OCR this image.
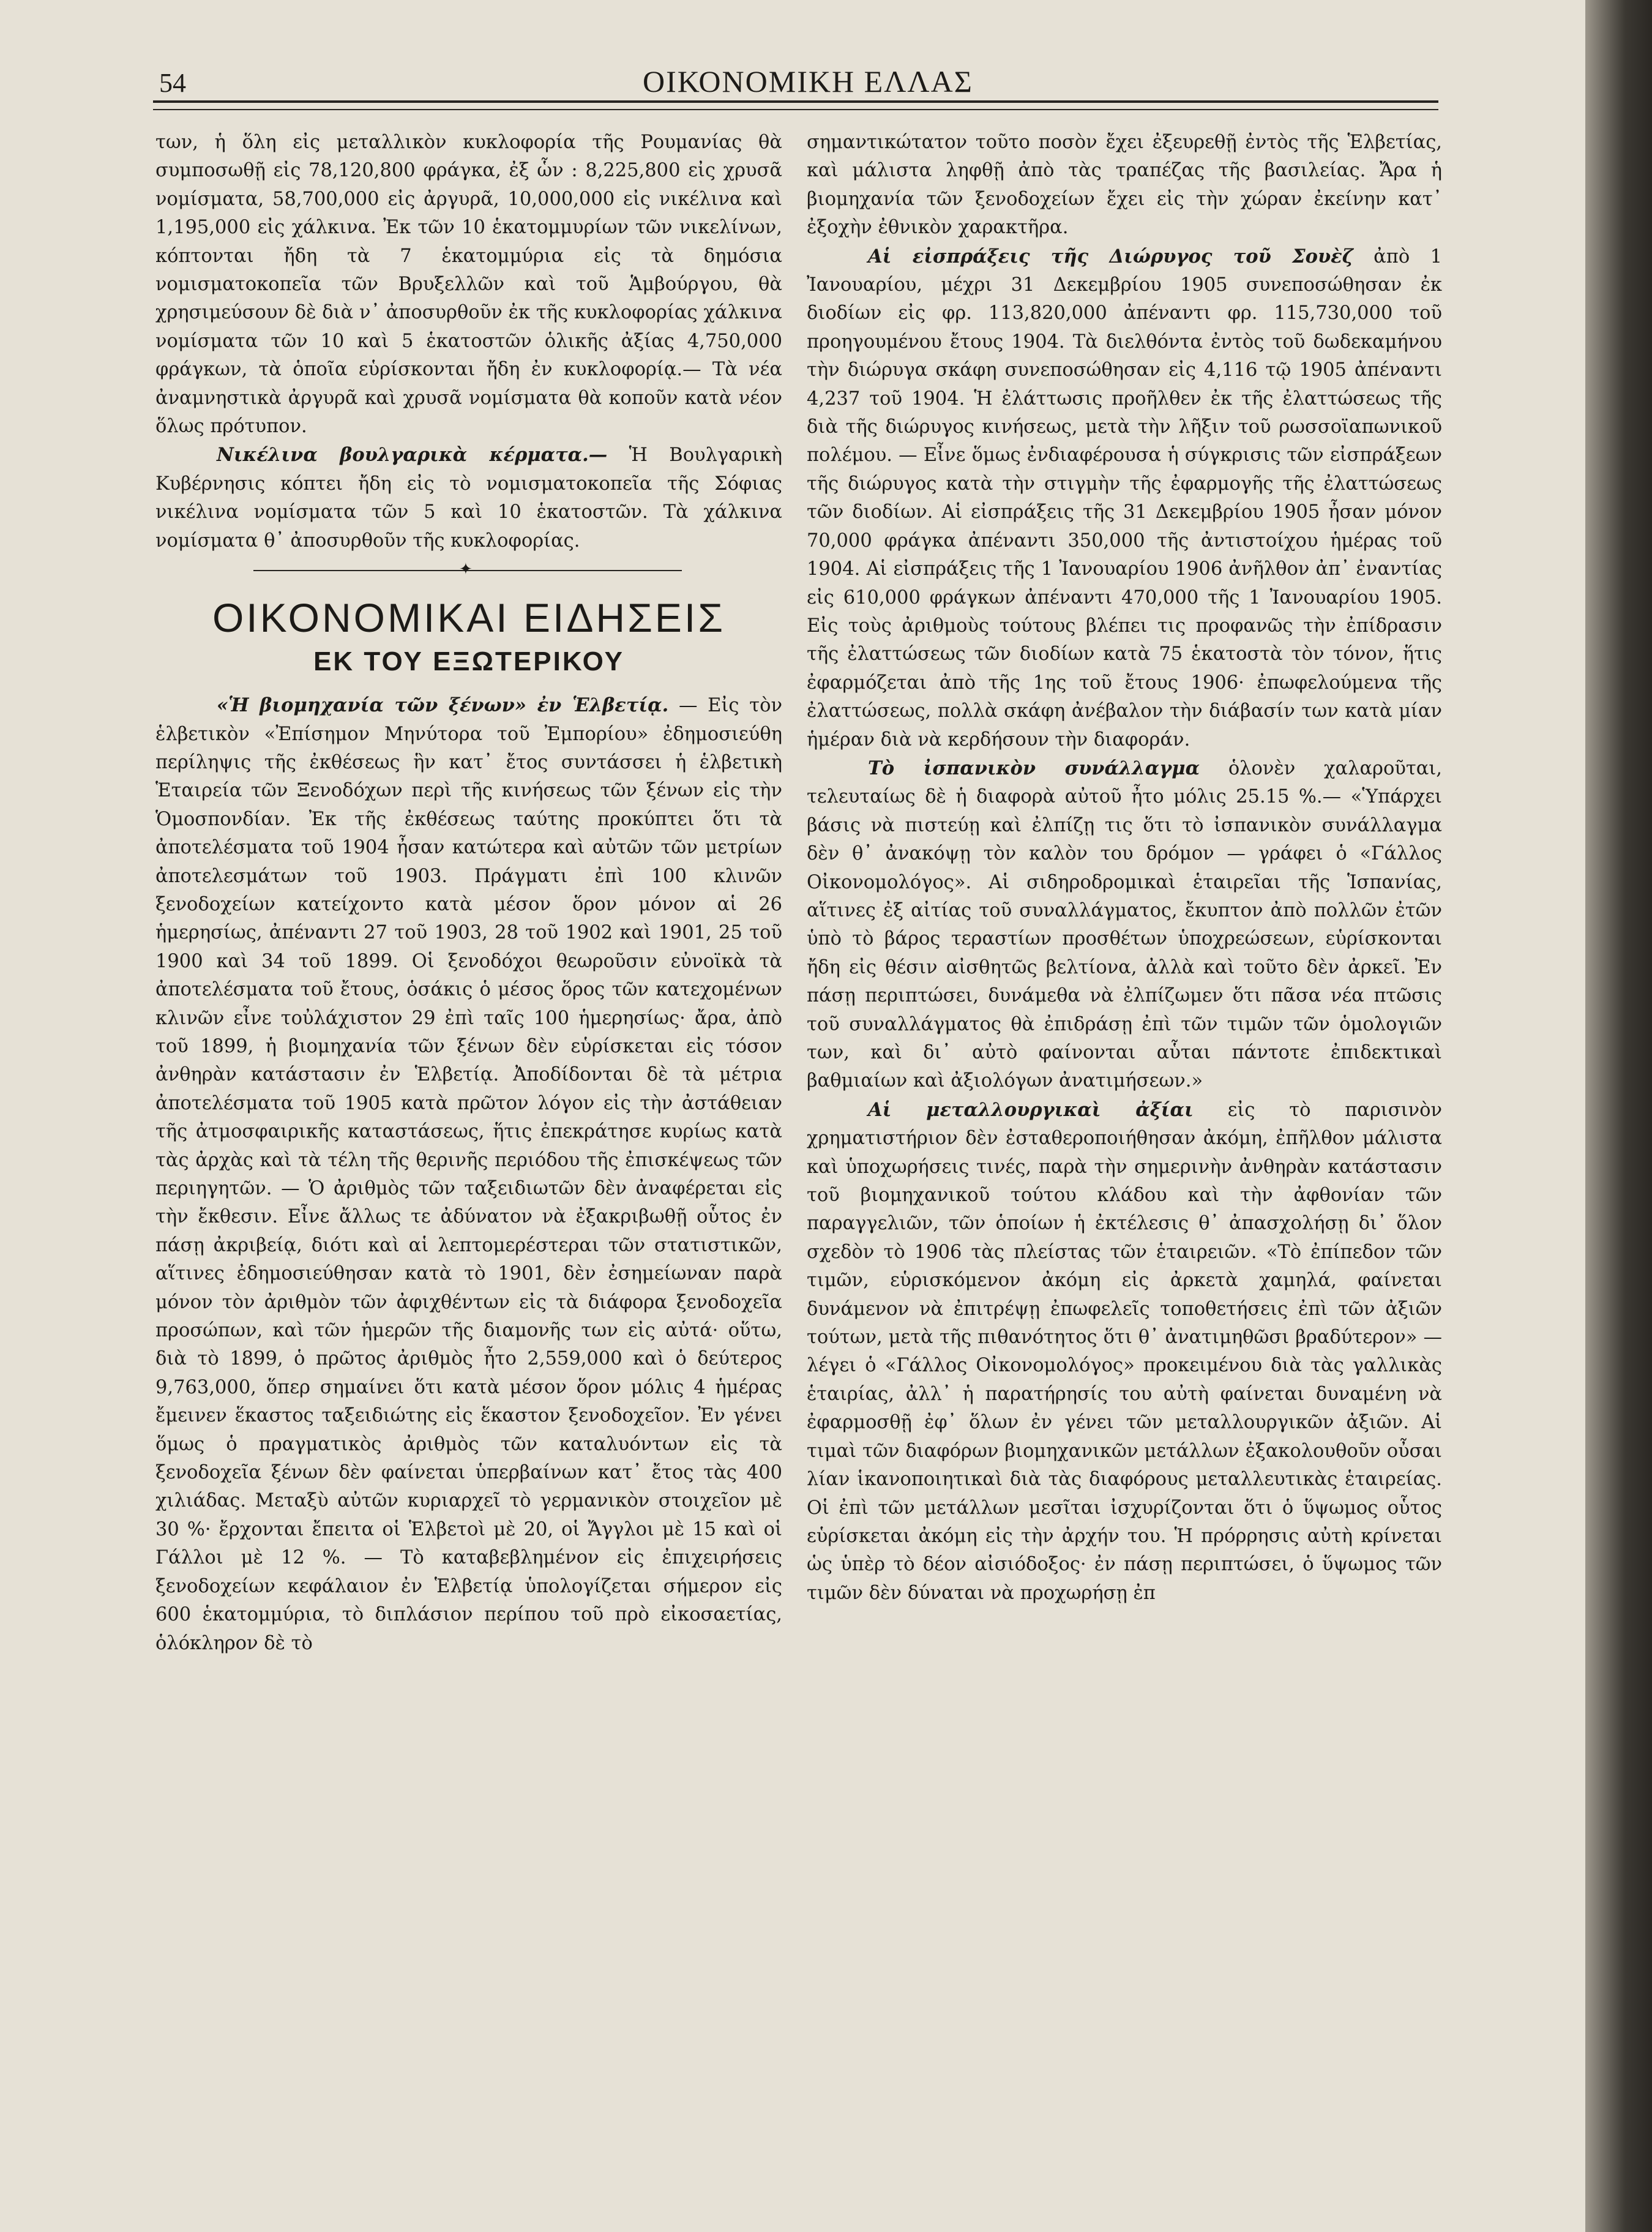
54	ΟΙΚΟΝΟΜΙΚΗ ΕΛΛΑΣ

των, ἡ ὅλη εἰς μεταλλικὸν κυκλοφορία τῆς Ρουμανίας θὰ συμποσωθῇ εἰς 78,120,800 φράγκα, ἐξ ὧν : 8,225,800 εἰς χρυσᾶ νομίσματα, 58,700,000 εἰς ἀργυρᾶ, 10,000,000 εἰς νικέλινα καὶ 1,195,000 εἰς χάλκινα. Ἐκ τῶν 10 ἑκατομμυρίων τῶν νικελίνων, κόπτονται ἤδη τὰ 7 ἑκατομμύρια εἰς τὰ δημόσια νομισματοκοπεῖα τῶν Βρυξελλῶν καὶ τοῦ Ἁμβούργου, θὰ χρησιμεύσουν δὲ διὰ ν᾿ ἀποσυρθοῦν ἐκ τῆς κυκλοφορίας χάλκινα νομίσματα τῶν 10 καὶ 5 ἑκατοστῶν ὁλικῆς ἀξίας 4,750,000 φράγκων, τὰ ὁποῖα εὑρίσκονται ἤδη ἐν κυκλοφορίᾳ.— Τὰ νέα ἀναμνηστικὰ ἀργυρᾶ καὶ χρυσᾶ νομίσματα θὰ κοποῦν κατὰ νέον ὅλως πρότυπον.

Νικέλινα βουλγαρικὰ κέρματα.— Ἡ Βουλγαρικὴ Κυβέρνησις κόπτει ἤδη εἰς τὸ νομισματοκοπεῖα τῆς Σόφιας νικέλινα νομίσματα τῶν 5 καὶ 10 ἑκατοστῶν. Τὰ χάλκινα νομίσματα θ᾿ ἀποσυρθοῦν τῆς κυκλοφορίας.

✦
ΟΙΚΟΝΟΜΙΚΑΙ ΕΙΔΗΣΕΙΣ
ΕΚ ΤΟΥ ΕΞΩΤΕΡΙΚΟΥ

«Ἡ βιομηχανία τῶν ξένων» ἐν Ἑλβετίᾳ. — Εἰς τὸν ἑλβετικὸν «Ἐπίσημον Μηνύτορα τοῦ Ἐμπορίου» ἐδημοσιεύθη περίληψις τῆς ἐκθέσεως ἣν κατ᾿ ἔτος συντάσσει ἡ ἑλβετικὴ Ἑταιρεία τῶν Ξενοδόχων περὶ τῆς κινήσεως τῶν ξένων εἰς τὴν Ὁμοσπονδίαν. Ἐκ τῆς ἐκθέσεως ταύτης προκύπτει ὅτι τὰ ἀποτελέσματα τοῦ 1904 ἦσαν κατώτερα καὶ αὐτῶν τῶν μετρίων ἀποτελεσμάτων τοῦ 1903. Πράγματι ἐπὶ 100 κλινῶν ξενοδοχείων κατείχοντο κατὰ μέσον ὅρον μόνον αἱ 26 ἡμερησίως, ἀπέναντι 27 τοῦ 1903, 28 τοῦ 1902 καὶ 1901, 25 τοῦ 1900 καὶ 34 τοῦ 1899. Οἱ ξενοδόχοι θεωροῦσιν εὐνοϊκὰ τὰ ἀποτελέσματα τοῦ ἔτους, ὁσάκις ὁ μέσος ὅρος τῶν κατεχομένων κλινῶν εἶνε τοὐλάχιστον 29 ἐπὶ ταῖς 100 ἡμερησίως· ἄρα, ἀπὸ τοῦ 1899, ἡ βιομηχανία τῶν ξένων δὲν εὑρίσκεται εἰς τόσον ἀνθηρὰν κατάστασιν ἐν Ἑλβετίᾳ. Ἀποδίδονται δὲ τὰ μέτρια ἀποτελέσματα τοῦ 1905 κατὰ πρῶτον λόγον εἰς τὴν ἀστάθειαν τῆς ἀτμοσφαιρικῆς καταστάσεως, ἥτις ἐπεκράτησε κυρίως κατὰ τὰς ἀρχὰς καὶ τὰ τέλη τῆς θερινῆς περιόδου τῆς ἐπισκέψεως τῶν περιηγητῶν. — Ὁ ἀριθμὸς τῶν ταξειδιωτῶν δὲν ἀναφέρεται εἰς τὴν ἔκθεσιν. Εἶνε ἄλλως τε ἀδύνατον νὰ ἐξακριβωθῇ οὗτος ἐν πάσῃ ἀκριβείᾳ, διότι καὶ αἱ λεπτομερέστεραι τῶν στατιστικῶν, αἵτινες ἐδημοσιεύθησαν κατὰ τὸ 1901, δὲν ἐσημείωναν παρὰ μόνον τὸν ἀριθμὸν τῶν ἀφιχθέντων εἰς τὰ διάφορα ξενοδοχεῖα προσώπων, καὶ τῶν ἡμερῶν τῆς διαμονῆς των εἰς αὐτά· οὕτω, διὰ τὸ 1899, ὁ πρῶτος ἀριθμὸς ἦτο 2,559,000 καὶ ὁ δεύτερος 9,763,000, ὅπερ σημαίνει ὅτι κατὰ μέσον ὅρον μόλις 4 ἡμέρας ἔμεινεν ἕκαστος ταξειδιώτης εἰς ἕκαστον ξενοδοχεῖον. Ἐν γένει ὅμως ὁ πραγματικὸς ἀριθμὸς τῶν καταλυόντων εἰς τὰ ξενοδοχεῖα ξένων δὲν φαίνεται ὑπερβαίνων κατ᾿ ἔτος τὰς 400 χιλιάδας. Μεταξὺ αὐτῶν κυριαρχεῖ τὸ γερμανικὸν στοιχεῖον μὲ 30 %· ἔρχονται ἔπειτα οἱ Ἑλβετοὶ μὲ 20, οἱ Ἄγγλοι μὲ 15 καὶ οἱ Γάλλοι μὲ 12 %. — Τὸ καταβεβλημένον εἰς ἐπιχειρήσεις ξενοδοχείων κεφάλαιον ἐν Ἑλβετίᾳ ὑπολογίζεται σήμερον εἰς 600 ἑκατομμύρια, τὸ διπλάσιον περίπου τοῦ πρὸ εἰκοσαετίας, ὁλόκληρον δὲ τὸ

σημαντικώτατον τοῦτο ποσὸν ἔχει ἐξευρεθῇ ἐντὸς τῆς Ἑλβετίας, καὶ μάλιστα ληφθῇ ἀπὸ τὰς τραπέζας τῆς βασιλείας. Ἄρα ἡ βιομηχανία τῶν ξενοδοχείων ἔχει εἰς τὴν χώραν ἐκείνην κατ᾿ ἐξοχὴν ἐθνικὸν χαρακτῆρα.

Αἱ εἰσπράξεις τῆς Διώρυγος τοῦ Σουὲζ ἀπὸ 1 Ἰανουαρίου, μέχρι 31 Δεκεμβρίου 1905 συνεποσώθησαν ἐκ διοδίων εἰς φρ. 113,820,000 ἀπέναντι φρ. 115,730,000 τοῦ προηγουμένου ἔτους 1904. Τὰ διελθόντα ἐντὸς τοῦ δωδεκαμήνου τὴν διώρυγα σκάφη συνεποσώθησαν εἰς 4,116 τῷ 1905 ἀπέναντι 4,237 τοῦ 1904. Ἡ ἐλάττωσις προῆλθεν ἐκ τῆς ἐλαττώσεως τῆς διὰ τῆς διώρυγος κινήσεως, μετὰ τὴν λῆξιν τοῦ ρωσσοϊαπωνικοῦ πολέμου. — Εἶνε ὅμως ἐνδιαφέρουσα ἡ σύγκρισις τῶν εἰσπράξεων τῆς διώρυγος κατὰ τὴν στιγμὴν τῆς ἐφαρμογῆς τῆς ἐλαττώσεως τῶν διοδίων. Αἱ εἰσπράξεις τῆς 31 Δεκεμβρίου 1905 ἦσαν μόνον 70,000 φράγκα ἀπέναντι 350,000 τῆς ἀντιστοίχου ἡμέρας τοῦ 1904. Αἱ εἰσπράξεις τῆς 1 Ἰανουαρίου 1906 ἀνῆλθον ἀπ᾿ ἐναντίας εἰς 610,000 φράγκων ἀπέναντι 470,000 τῆς 1 Ἰανουαρίου 1905. Εἰς τοὺς ἀριθμοὺς τούτους βλέπει τις προφανῶς τὴν ἐπίδρασιν τῆς ἐλαττώσεως τῶν διοδίων κατὰ 75 ἑκατοστὰ τὸν τόνον, ἥτις ἐφαρμόζεται ἀπὸ τῆς 1ης τοῦ ἔτους 1906· ἐπωφελούμενα τῆς ἐλαττώσεως, πολλὰ σκάφη ἀνέβαλον τὴν διάβασίν των κατὰ μίαν ἡμέραν διὰ νὰ κερδήσουν τὴν διαφοράν.

Τὸ ἰσπανικὸν συνάλλαγμα ὁλονὲν χαλαροῦται, τελευταίως δὲ ἡ διαφορὰ αὐτοῦ ἦτο μόλις 25.15 %.— «Ὑπάρχει βάσις νὰ πιστεύῃ καὶ ἐλπίζῃ τις ὅτι τὸ ἰσπανικὸν συνάλλαγμα δὲν θ᾿ ἀνακόψῃ τὸν καλὸν του δρόμον — γράφει ὁ «Γάλλος Οἰκονομολόγος». Αἱ σιδηροδρομικαὶ ἑταιρεῖαι τῆς Ἱσπανίας, αἵτινες ἐξ αἰτίας τοῦ συναλλάγματος, ἔκυπτον ἀπὸ πολλῶν ἐτῶν ὑπὸ τὸ βάρος τεραστίων προσθέτων ὑποχρεώσεων, εὑρίσκονται ἤδη εἰς θέσιν αἰσθητῶς βελτίονα, ἀλλὰ καὶ τοῦτο δὲν ἀρκεῖ. Ἐν πάσῃ περιπτώσει, δυνάμεθα νὰ ἐλπίζωμεν ὅτι πᾶσα νέα πτῶσις τοῦ συναλλάγματος θὰ ἐπιδράσῃ ἐπὶ τῶν τιμῶν τῶν ὁμολογιῶν των, καὶ δι᾿ αὐτὸ φαίνονται αὗται πάντοτε ἐπιδεκτικαὶ βαθμιαίων καὶ ἀξιολόγων ἀνατιμήσεων.»

Αἱ μεταλλουργικαὶ ἀξίαι εἰς τὸ παρισινὸν χρηματιστήριον δὲν ἐσταθεροποιήθησαν ἀκόμη, ἐπῆλθον μάλιστα καὶ ὑποχωρήσεις τινές, παρὰ τὴν σημερινὴν ἀνθηρὰν κατάστασιν τοῦ βιομηχανικοῦ τούτου κλάδου καὶ τὴν ἀφθονίαν τῶν παραγγελιῶν, τῶν ὁποίων ἡ ἐκτέλεσις θ᾿ ἀπασχολήσῃ δι᾿ ὅλον σχεδὸν τὸ 1906 τὰς πλείστας τῶν ἑταιρειῶν. «Τὸ ἐπίπεδον τῶν τιμῶν, εὑρισκόμενον ἀκόμη εἰς ἀρκετὰ χαμηλά, φαίνεται δυνάμενον νὰ ἐπιτρέψῃ ἐπωφελεῖς τοποθετήσεις ἐπὶ τῶν ἀξιῶν τούτων, μετὰ τῆς πιθανότητος ὅτι θ᾿ ἀνατιμηθῶσι βραδύτερον» — λέγει ὁ «Γάλλος Οἰκονομολόγος» προκειμένου διὰ τὰς γαλλικὰς ἑταιρίας, ἀλλ᾿ ἡ παρατήρησίς του αὐτὴ φαίνεται δυναμένη νὰ ἐφαρμοσθῇ ἐφ᾿ ὅλων ἐν γένει τῶν μεταλλουργικῶν ἀξιῶν. Αἱ τιμαὶ τῶν διαφόρων βιομηχανικῶν μετάλλων ἐξακολουθοῦν οὖσαι λίαν ἱκανοποιητικαὶ διὰ τὰς διαφόρους μεταλλευτικὰς ἑταιρείας. Οἱ ἐπὶ τῶν μετάλλων μεσῖται ἰσχυρίζονται ὅτι ὁ ὕψωμος οὗτος εὑρίσκεται ἀκόμη εἰς τὴν ἀρχήν του. Ἡ πρόρρησις αὐτὴ κρίνεται ὡς ὑπὲρ τὸ δέον αἰσιόδοξος· ἐν πάσῃ περιπτώσει, ὁ ὕψωμος τῶν τιμῶν δὲν δύναται νὰ προχωρήσῃ ἐπ
